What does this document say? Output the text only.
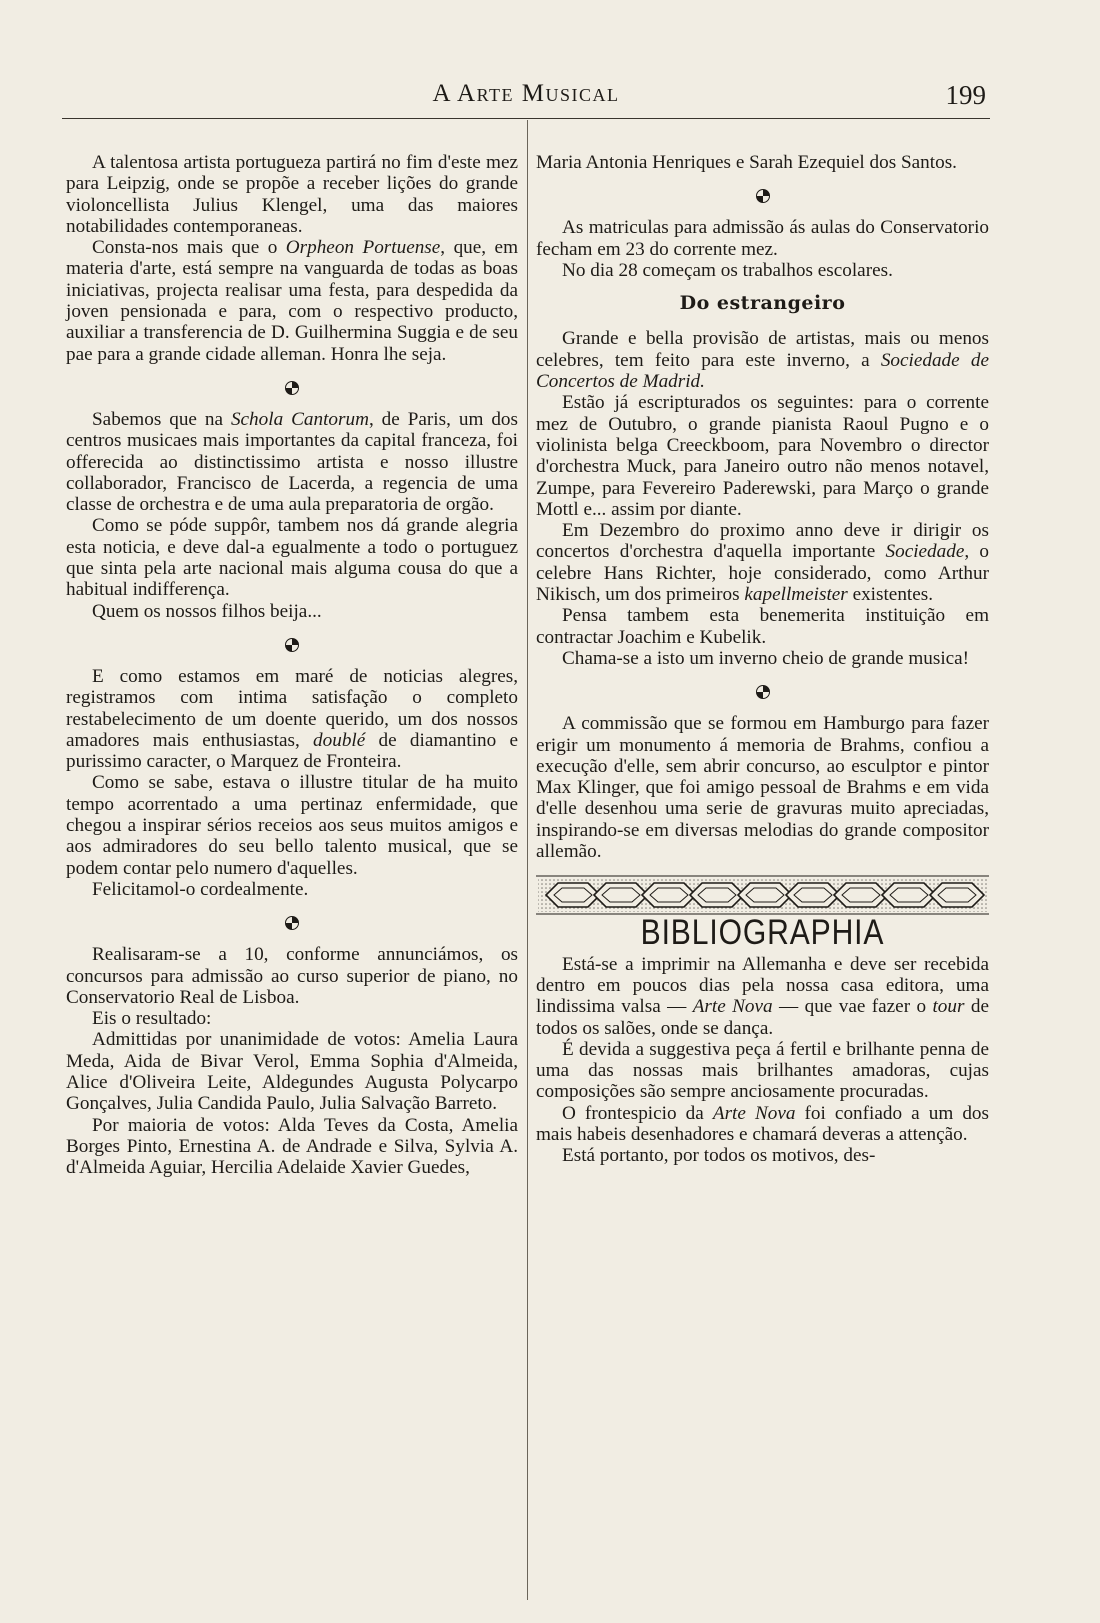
A Arte Musical	199

A talentosa artista portugueza partirá no fim d'este mez para Leipzig, onde se propõe a receber lições do grande violoncellista Julius Klengel, uma das maiores notabilidades contemporaneas.

Consta-nos mais que o Orpheon Portuense, que, em materia d'arte, está sempre na vanguarda de todas as boas iniciativas, projecta realisar uma festa, para despedida da joven pensionada e para, com o respectivo producto, auxiliar a transferencia de D. Guilhermina Suggia e de seu pae para a grande cidade alleman. Honra lhe seja.

Sabemos que na Schola Cantorum, de Paris, um dos centros musicaes mais importantes da capital franceza, foi offerecida ao distinctissimo artista e nosso illustre collaborador, Francisco de Lacerda, a regencia de uma classe de orchestra e de uma aula preparatoria de orgão.

Como se póde suppôr, tambem nos dá grande alegria esta noticia, e deve dal-a egualmente a todo o portuguez que sinta pela arte nacional mais alguma cousa do que a habitual indifferença.

Quem os nossos filhos beija...

E como estamos em maré de noticias alegres, registramos com intima satisfação o completo restabelecimento de um doente querido, um dos nossos amadores mais enthusiastas, doublé de diamantino e purissimo caracter, o Marquez de Fronteira.

Como se sabe, estava o illustre titular de ha muito tempo acorrentado a uma pertinaz enfermidade, que chegou a inspirar sérios receios aos seus muitos amigos e aos admiradores do seu bello talento musical, que se podem contar pelo numero d'aquelles.

Felicitamol-o cordealmente.

Realisaram-se a 10, conforme annunciámos, os concursos para admissão ao curso superior de piano, no Conservatorio Real de Lisboa.

Eis o resultado:

Admittidas por unanimidade de votos: Amelia Laura Meda, Aida de Bivar Verol, Emma Sophia d'Almeida, Alice d'Oliveira Leite, Aldegundes Augusta Polycarpo Gonçalves, Julia Candida Paulo, Julia Salvação Barreto.

Por maioria de votos: Alda Teves da Costa, Amelia Borges Pinto, Ernestina A. de Andrade e Silva, Sylvia A. d'Almeida Aguiar, Hercilia Adelaide Xavier Guedes,

Maria Antonia Henriques e Sarah Ezequiel dos Santos.

As matriculas para admissão ás aulas do Conservatorio fecham em 23 do corrente mez.

No dia 28 começam os trabalhos escolares.

Do estrangeiro

Grande e bella provisão de artistas, mais ou menos celebres, tem feito para este inverno, a Sociedade de Concertos de Madrid.

Estão já escripturados os seguintes: para o corrente mez de Outubro, o grande pianista Raoul Pugno e o violinista belga Creeckboom, para Novembro o director d'orchestra Muck, para Janeiro outro não menos notavel, Zumpe, para Fevereiro Paderewski, para Março o grande Mottl e... assim por diante.

Em Dezembro do proximo anno deve ir dirigir os concertos d'orchestra d'aquella importante Sociedade, o celebre Hans Richter, hoje considerado, como Arthur Nikisch, um dos primeiros kapellmeister existentes.

Pensa tambem esta benemerita instituição em contractar Joachim e Kubelik.

Chama-se a isto um inverno cheio de grande musica!

A commissão que se formou em Hamburgo para fazer erigir um monumento á memoria de Brahms, confiou a execução d'elle, sem abrir concurso, ao esculptor e pintor Max Klinger, que foi amigo pessoal de Brahms e em vida d'elle desenhou uma serie de gravuras muito apreciadas, inspirando-se em diversas melodias do grande compositor allemão.

BIBLIOGRAPHIA

Está-se a imprimir na Allemanha e deve ser recebida dentro em poucos dias pela nossa casa editora, uma lindissima valsa — Arte Nova — que vae fazer o tour de todos os salões, onde se dança.

É devida a suggestiva peça á fertil e brilhante penna de uma das nossas mais brilhantes amadoras, cujas composições são sempre anciosamente procuradas.

O frontespicio da Arte Nova foi confiado a um dos mais habeis desenhadores e chamará deveras a attenção.

Está portanto, por todos os motivos, des-
